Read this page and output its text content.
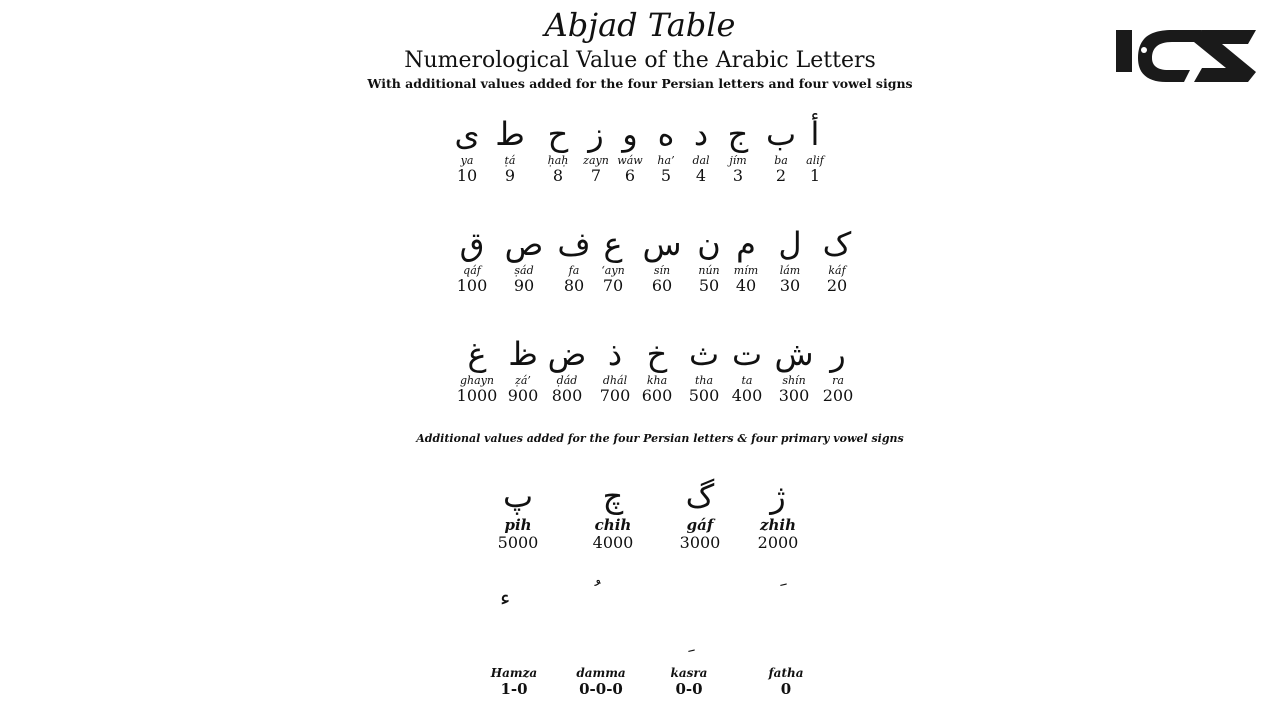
Abjad Table
Numerological Value of the Arabic Letters
With additional values added for the four Persian letters and four vowel signs
ى
ya
10
ط
ṭá
9
ح
ḥaḥ
8
ز
zayn
7
و
wáw
6
ه
ha’
5
د
dal
4
ج
jím
3
ب
ba
2
أ
alif
1
ق
qáf
100
ص
ṣád
90
ف
fa
80
ع
‘ayn
70
س
sín
60
ن
nún
50
م
mím
40
ل
lám
30
ک
káf
20
غ
ghayn
1000
ظ
ẓá’
900
ض
ḍád
800
ذ
dhál
700
خ
kha
600
ث
tha
500
ت
ta
400
ش
shín
300
ر
ra
200
Additional values added for the four Persian letters & four primary vowel signs
پ
pih
5000
چ
chih
4000
گ
gáf
3000
ژ
zhih
2000
ء
Hamza
1-0
damma
0-0-0
kasra
0-0
fatha
0
